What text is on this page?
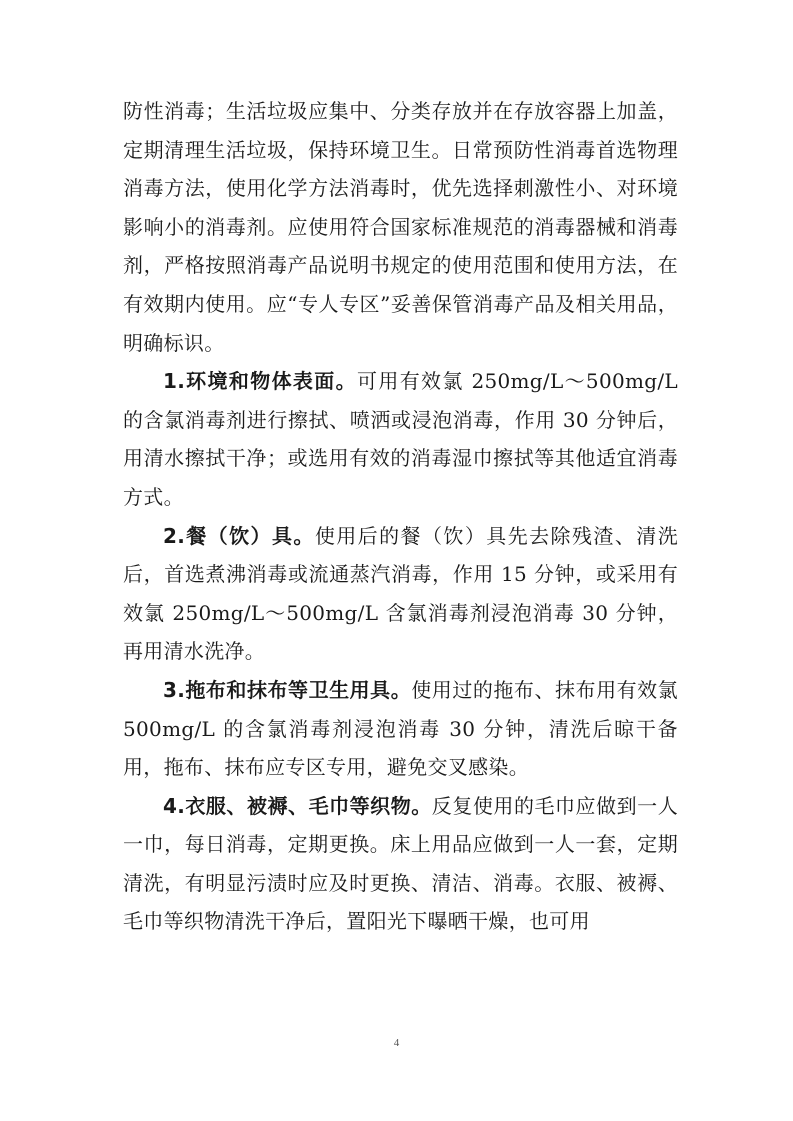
防性消毒；生活垃圾应集中、分类存放并在存放容器上加盖，定期清理生活垃圾，保持环境卫生。日常预防性消毒首选物理消毒方法，使用化学方法消毒时，优先选择刺激性小、对环境影响小的消毒剂。应使用符合国家标准规范的消毒器械和消毒剂，严格按照消毒产品说明书规定的使用范围和使用方法，在有效期内使用。应“专人专区”妥善保管消毒产品及相关用品，明确标识。

1.环境和物体表面。可用有效氯 250mg/L～500mg/L 的含氯消毒剂进行擦拭、喷洒或浸泡消毒，作用 30 分钟后，用清水擦拭干净；或选用有效的消毒湿巾擦拭等其他适宜消毒方式。

2.餐（饮）具。使用后的餐（饮）具先去除残渣、清洗后，首选煮沸消毒或流通蒸汽消毒，作用 15 分钟，或采用有效氯 250mg/L～500mg/L 含氯消毒剂浸泡消毒 30 分钟，再用清水洗净。

3.拖布和抹布等卫生用具。使用过的拖布、抹布用有效氯 500mg/L 的含氯消毒剂浸泡消毒 30 分钟，清洗后晾干备用，拖布、抹布应专区专用，避免交叉感染。

4.衣服、被褥、毛巾等织物。反复使用的毛巾应做到一人一巾，每日消毒，定期更换。床上用品应做到一人一套，定期清洗，有明显污渍时应及时更换、清洁、消毒。衣服、被褥、毛巾等织物清洗干净后，置阳光下曝晒干燥，也可用

4
